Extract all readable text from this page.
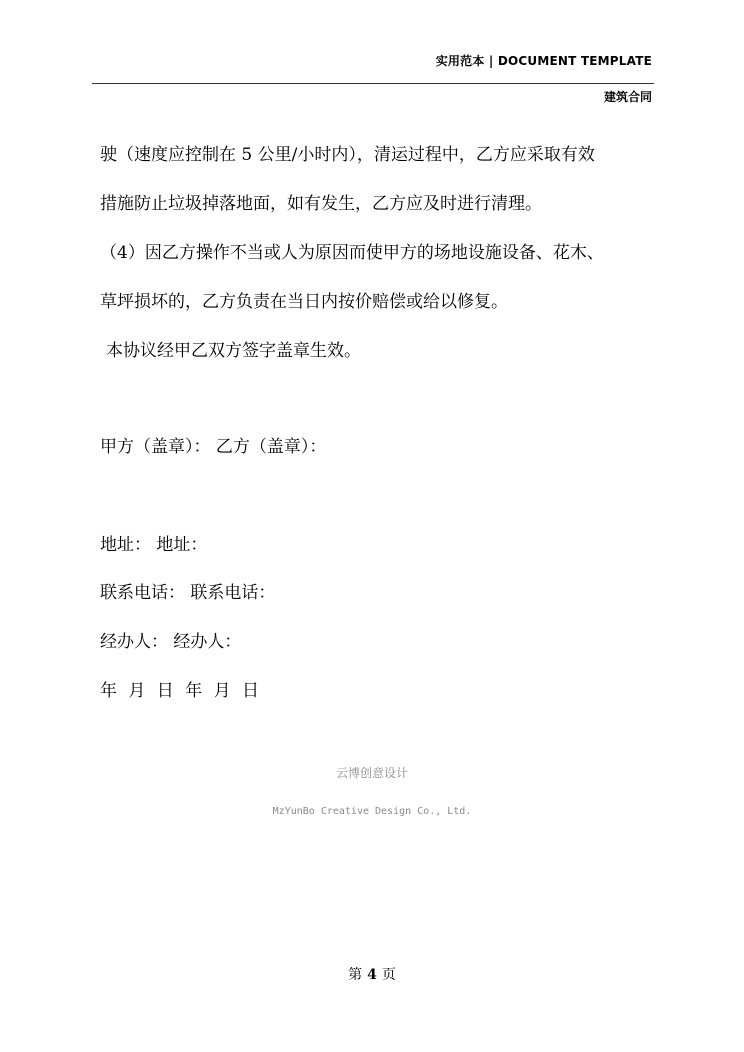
实用范本 | DOCUMENT TEMPLATE
建筑合同
驶（速度应控制在 5 公里/小时内），清运过程中，乙方应采取有效
措施防止垃圾掉落地面，如有发生，乙方应及时进行清理。
（4）因乙方操作不当或人为原因而使甲方的场地设施设备、花木、
草坪损坏的，乙方负责在当日内按价赔偿或给以修复。
本协议经甲乙双方签字盖章生效。
甲方（盖章）： 乙方（盖章）：
地址： 地址：
联系电话： 联系电话：
经办人： 经办人：
年 月 日 年 月 日
云博创意设计
MzYunBo Creative Design Co., Ltd.
第 4 页
